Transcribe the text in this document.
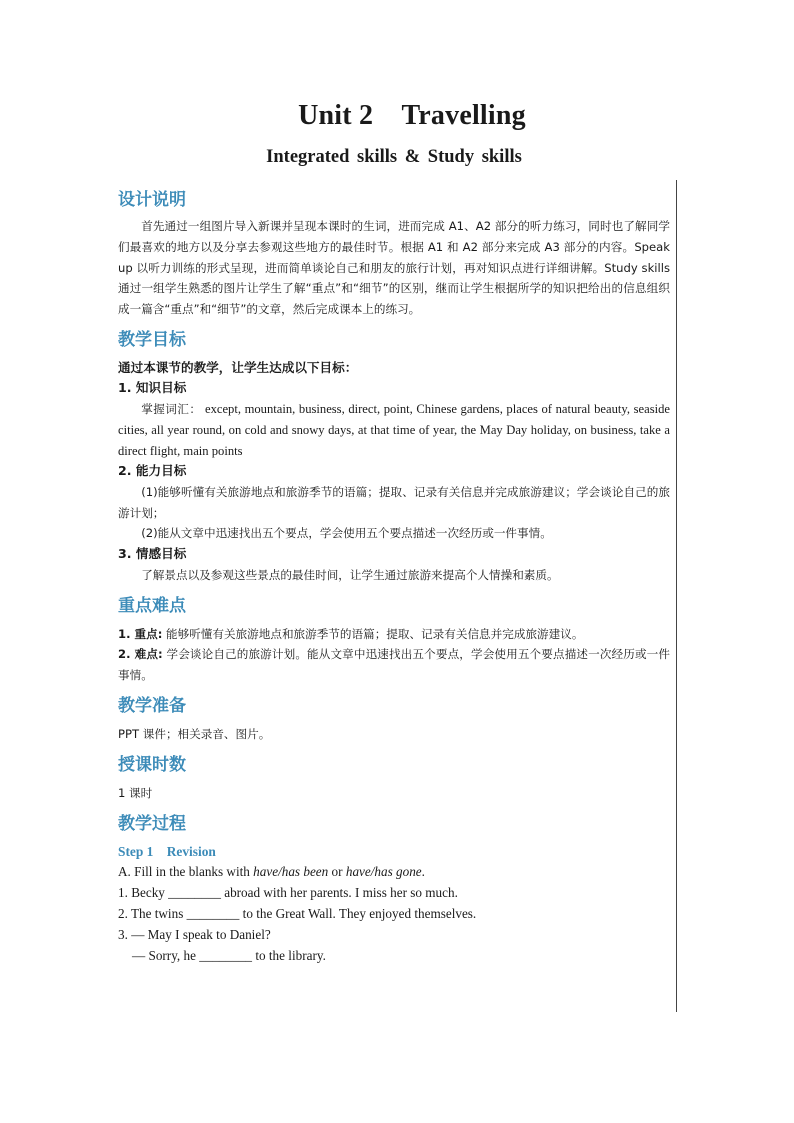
Unit 2    Travelling
Integrated skills & Study skills
设计说明

首先通过一组图片导入新课并呈现本课时的生词，进而完成 A1、A2 部分的听力练习，同时也了解同学们最喜欢的地方以及分享去参观这些地方的最佳时节。根据 A1 和 A2 部分来完成 A3 部分的内容。Speak up 以听力训练的形式呈现，进而简单谈论自己和朋友的旅行计划，再对知识点进行详细讲解。Study skills 通过一组学生熟悉的图片让学生了解“重点”和“细节”的区别，继而让学生根据所学的知识把给出的信息组织成一篇含“重点”和“细节”的文章，然后完成课本上的练习。

教学目标

通过本课节的教学，让学生达成以下目标：

1. 知识目标

掌握词汇： except, mountain, business, direct, point, Chinese gardens, places of natural beauty, seaside cities, all year round, on cold and snowy days, at that time of year, the May Day holiday, on business, take a direct flight, main points

2. 能力目标

(1)能够听懂有关旅游地点和旅游季节的语篇；提取、记录有关信息并完成旅游建议；学会谈论自己的旅游计划；

(2)能从文章中迅速找出五个要点，学会使用五个要点描述一次经历或一件事情。

3. 情感目标

了解景点以及参观这些景点的最佳时间，让学生通过旅游来提高个人情操和素质。

重点难点

1. 重点: 能够听懂有关旅游地点和旅游季节的语篇；提取、记录有关信息并完成旅游建议。

2. 难点: 学会谈论自己的旅游计划。能从文章中迅速找出五个要点，学会使用五个要点描述一次经历或一件事情。

教学准备

PPT 课件；相关录音、图片。

授课时数

1 课时

教学过程

Step 1    Revision

A. Fill in the blanks with have/has been or have/has gone.

1. Becky ________ abroad with her parents. I miss her so much.

2. The twins ________ to the Great Wall. They enjoyed themselves.

3. — May I speak to Daniel?

— Sorry, he ________ to the library.
